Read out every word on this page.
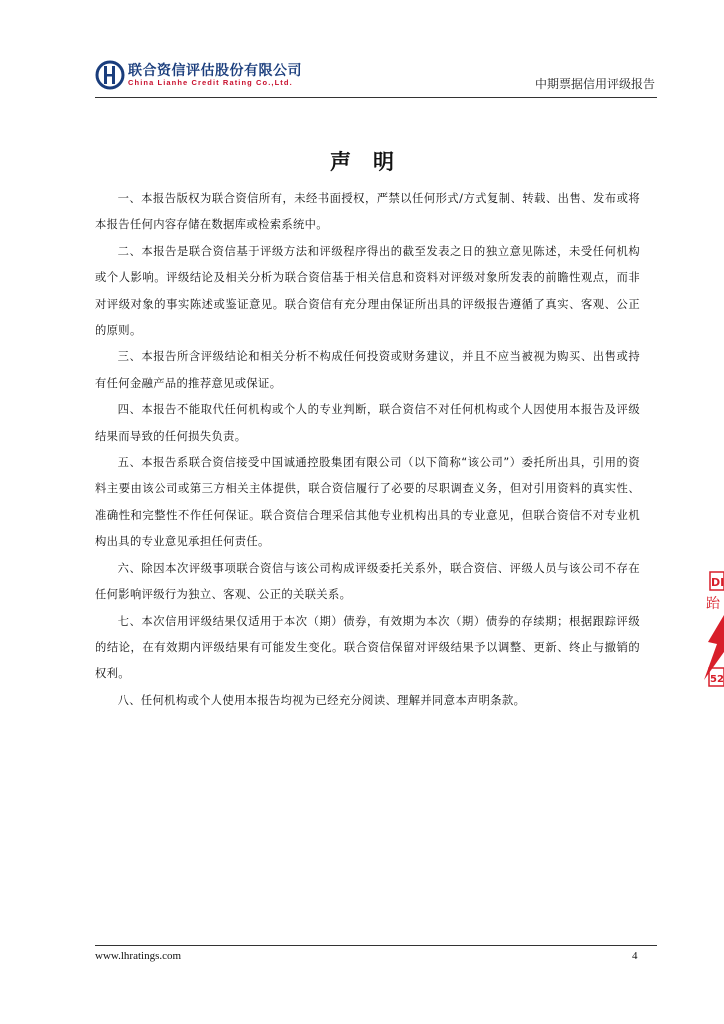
联合资信评估股份有限公司
China Lianhe Credit Rating Co.,Ltd.	中期票据信用评级报告
声明

一、本报告版权为联合资信所有，未经书面授权，严禁以任何形式/方式复制、转载、出售、发布或将本报告任何内容存储在数据库或检索系统中。

二、本报告是联合资信基于评级方法和评级程序得出的截至发表之日的独立意见陈述，未受任何机构或个人影响。评级结论及相关分析为联合资信基于相关信息和资料对评级对象所发表的前瞻性观点，而非对评级对象的事实陈述或鉴证意见。联合资信有充分理由保证所出具的评级报告遵循了真实、客观、公正的原则。

三、本报告所含评级结论和相关分析不构成任何投资或财务建议，并且不应当被视为购买、出售或持有任何金融产品的推荐意见或保证。

四、本报告不能取代任何机构或个人的专业判断，联合资信不对任何机构或个人因使用本报告及评级结果而导致的任何损失负责。

五、本报告系联合资信接受中国诚通控股集团有限公司（以下简称“该公司”）委托所出具，引用的资料主要由该公司或第三方相关主体提供，联合资信履行了必要的尽职调查义务，但对引用资料的真实性、准确性和完整性不作任何保证。联合资信合理采信其他专业机构出具的专业意见，但联合资信不对专业机构出具的专业意见承担任何责任。

六、除因本次评级事项联合资信与该公司构成评级委托关系外，联合资信、评级人员与该公司不存在任何影响评级行为独立、客观、公正的关联关系。

七、本次信用评级结果仅适用于本次（期）债券，有效期为本次（期）债券的存续期；根据跟踪评级的结论，在有效期内评级结果有可能发生变化。联合资信保留对评级结果予以调整、更新、终止与撤销的权利。

八、任何机构或个人使用本报告均视为已经充分阅读、理解并同意本声明条款。

DI
跆
52
www.lhratings.com	4
